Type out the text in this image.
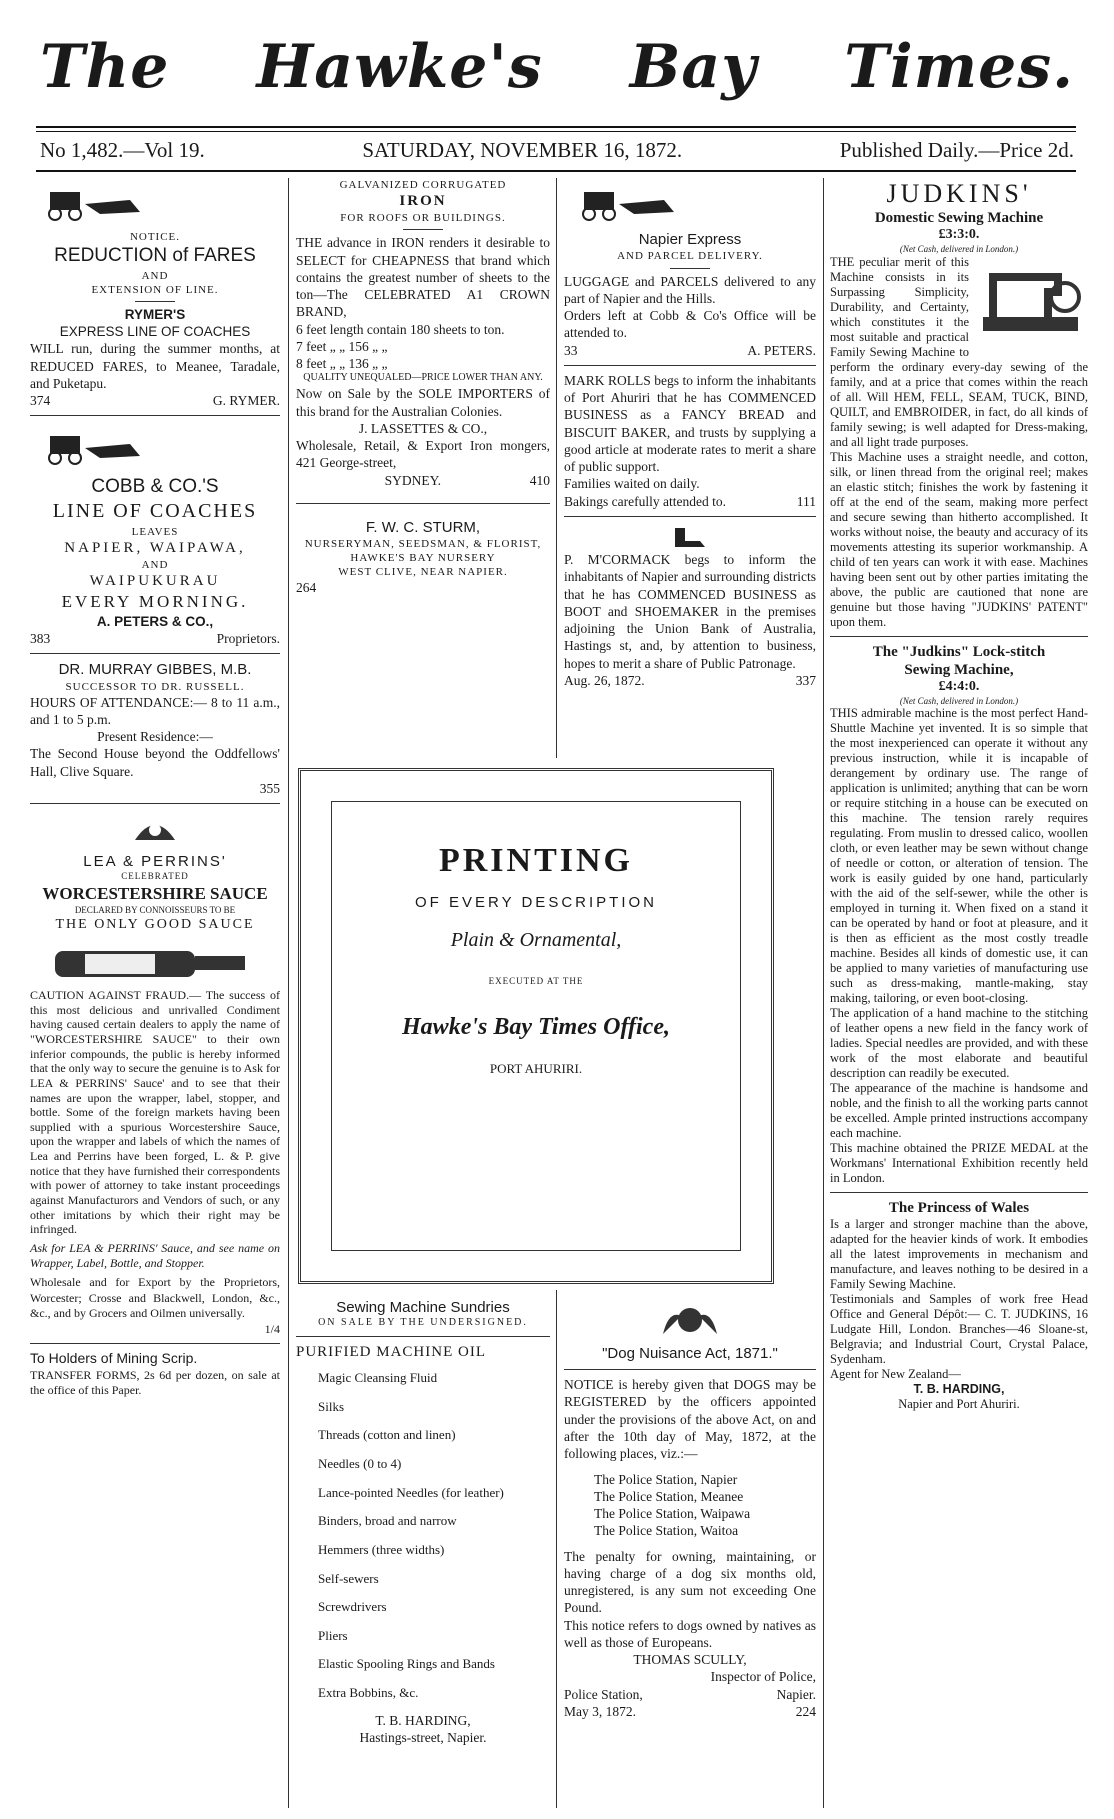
The Hawke's Bay Times.
No 1,482.—Vol 19.	SATURDAY, NOVEMBER 16, 1872.	Published Daily.—Price 2d.
NOTICE.
REDUCTION of FARES
AND
EXTENSION OF LINE.
RYMER'S
EXPRESS LINE OF COACHES
WILL run, during the summer months, at REDUCED FARES, to Meanee, Taradale, and Puketapu.
374	G. RYMER.
COBB & CO.'S
LINE OF COACHES
LEAVES
NAPIER, WAIPAWA,
AND
WAIPUKURAU
EVERY MORNING.
A. PETERS & CO.,
383	Proprietors.
DR. MURRAY GIBBES, M.B.
SUCCESSOR TO DR. RUSSELL.
HOURS OF ATTENDANCE:— 8 to 11 a.m., and 1 to 5 p.m.
Present Residence:—
The Second House beyond the Oddfellows' Hall, Clive Square.
355
LEA & PERRINS'
CELEBRATED
WORCESTERSHIRE SAUCE
DECLARED BY CONNOISSEURS TO BE
THE ONLY GOOD SAUCE
CAUTION AGAINST FRAUD.— The success of this most delicious and unrivalled Condiment having caused certain dealers to apply the name of "WORCESTERSHIRE SAUCE" to their own inferior compounds, the public is hereby informed that the only way to secure the genuine is to Ask for LEA & PERRINS' Sauce' and to see that their names are upon the wrapper, label, stopper, and bottle. Some of the foreign markets having been supplied with a spurious Worcestershire Sauce, upon the wrapper and labels of which the names of Lea and Perrins have been forged, L. & P. give notice that they have furnished their correspondents with power of attorney to take instant proceedings against Manufacturors and Vendors of such, or any other imitations by which their right may be infringed.
Ask for LEA & PERRINS' Sauce, and see name on Wrapper, Label, Bottle, and Stopper.
Wholesale and for Export by the Proprietors, Worcester; Crosse and Blackwell, London, &c., &c., and by Grocers and Oilmen universally.
1/4
To Holders of Mining Scrip.
TRANSFER FORMS, 2s 6d per dozen, on sale at the office of this Paper.
GALVANIZED CORRUGATED
IRON
FOR ROOFS OR BUILDINGS.
THE advance in IRON renders it desirable to SELECT for CHEAPNESS that brand which contains the greatest number of sheets to the ton—The CELEBRATED A1 CROWN BRAND,
6 feet length contain 180 sheets to ton.
7 feet „ „ 156 „ „
8 feet „ „ 136 „ „
QUALITY UNEQUALED—PRICE LOWER THAN ANY.
Now on Sale by the SOLE IMPORTERS of this brand for the Australian Colonies.
J. LASSETTES & CO.,
Wholesale, Retail, & Export Iron mongers, 421 George-street,
SYDNEY.	410
F. W. C. STURM,
NURSERYMAN, SEEDSMAN, & FLORIST,
HAWKE'S BAY NURSERY
WEST CLIVE, NEAR NAPIER.
264
Napier Express
AND PARCEL DELIVERY.
LUGGAGE and PARCELS delivered to any part of Napier and the Hills.
Orders left at Cobb & Co's Office will be attended to.
33	A. PETERS.
MARK ROLLS begs to inform the inhabitants of Port Ahuriri that he has COMMENCED BUSINESS as a FANCY BREAD and BISCUIT BAKER, and trusts by supplying a good article at moderate rates to merit a share of public support.
Families waited on daily.
Bakings carefully attended to.	111
P. M'CORMACK begs to inform the inhabitants of Napier and surrounding districts that he has COMMENCED BUSINESS as BOOT and SHOEMAKER in the premises adjoining the Union Bank of Australia, Hastings st, and, by attention to business, hopes to merit a share of Public Patronage.
Aug. 26, 1872.	337
PRINTING
OF EVERY DESCRIPTION
Plain & Ornamental,
EXECUTED AT THE
Hawke's Bay Times Office,
PORT AHURIRI.
Sewing Machine Sundries
ON SALE BY THE UNDERSIGNED.
PURIFIED MACHINE OIL
Magic Cleansing Fluid
Silks
Threads (cotton and linen)
Needles (0 to 4)
Lance-pointed Needles (for leather)
Binders, broad and narrow
Hemmers (three widths)
Self-sewers
Screwdrivers
Pliers
Elastic Spooling Rings and Bands
Extra Bobbins, &c.
T. B. HARDING,
Hastings-street, Napier.
"Dog Nuisance Act, 1871."
NOTICE is hereby given that DOGS may be REGISTERED by the officers appointed under the provisions of the above Act, on and after the 10th day of May, 1872, at the following places, viz.:—
The Police Station, Napier
The Police Station, Meanee
The Police Station, Waipawa
The Police Station, Waitoa
The penalty for owning, maintaining, or having charge of a dog six months old, unregistered, is any sum not exceeding One Pound.
This notice refers to dogs owned by natives as well as those of Europeans.
THOMAS SCULLY,
Inspector of Police,
Police Station,	Napier.
May 3, 1872.	224
JUDKINS'
Domestic Sewing Machine
£3:3:0.
(Net Cash, delivered in London.)
THE peculiar merit of this Machine consists in its Surpassing Simplicity, Durability, and Certainty, which constitutes it the most suitable and practical Family Sewing Machine to perform the ordinary every-day sewing of the family, and at a price that comes within the reach of all. Will HEM, FELL, SEAM, TUCK, BIND, QUILT, and EMBROIDER, in fact, do all kinds of family sewing; is well adapted for Dress-making, and all light trade purposes.
This Machine uses a straight needle, and cotton, silk, or linen thread from the original reel; makes an elastic stitch; finishes the work by fastening it off at the end of the seam, making more perfect and secure sewing than hitherto accomplished. It works without noise, the beauty and accuracy of its movements attesting its superior workmanship. A child of ten years can work it with ease. Machines having been sent out by other parties imitating the above, the public are cautioned that none are genuine but those having "JUDKINS' PATENT" upon them.
The "Judkins" Lock-stitch
Sewing Machine,
£4:4:0.
(Net Cash, delivered in London.)
THIS admirable machine is the most perfect Hand-Shuttle Machine yet invented. It is so simple that the most inexperienced can operate it without any previous instruction, while it is incapable of derangement by ordinary use. The range of application is unlimited; anything that can be worn or require stitching in a house can be executed on this machine. The tension rarely requires regulating. From muslin to dressed calico, woollen cloth, or even leather may be sewn without change of needle or cotton, or alteration of tension. The work is easily guided by one hand, particularly with the aid of the self-sewer, while the other is employed in turning it. When fixed on a stand it can be operated by hand or foot at pleasure, and it is then as efficient as the most costly treadle machine. Besides all kinds of domestic use, it can be applied to many varieties of manufacturing use such as dress-making, mantle-making, stay making, tailoring, or even boot-closing.
The application of a hand machine to the stitching of leather opens a new field in the fancy work of ladies. Special needles are provided, and with these work of the most elaborate and beautiful description can readily be executed.
The appearance of the machine is handsome and noble, and the finish to all the working parts cannot be excelled. Ample printed instructions accompany each machine.
This machine obtained the PRIZE MEDAL at the Workmans' International Exhibition recently held in London.
The Princess of Wales
Is a larger and stronger machine than the above, adapted for the heavier kinds of work. It embodies all the latest improvements in mechanism and manufacture, and leaves nothing to be desired in a Family Sewing Machine.
Testimonials and Samples of work free Head Office and General Dépôt:— C. T. JUDKINS, 16 Ludgate Hill, London. Branches—46 Sloane-st, Belgravia; and Industrial Court, Crystal Palace, Sydenham.
Agent for New Zealand—
T. B. HARDING,
Napier and Port Ahuriri.
